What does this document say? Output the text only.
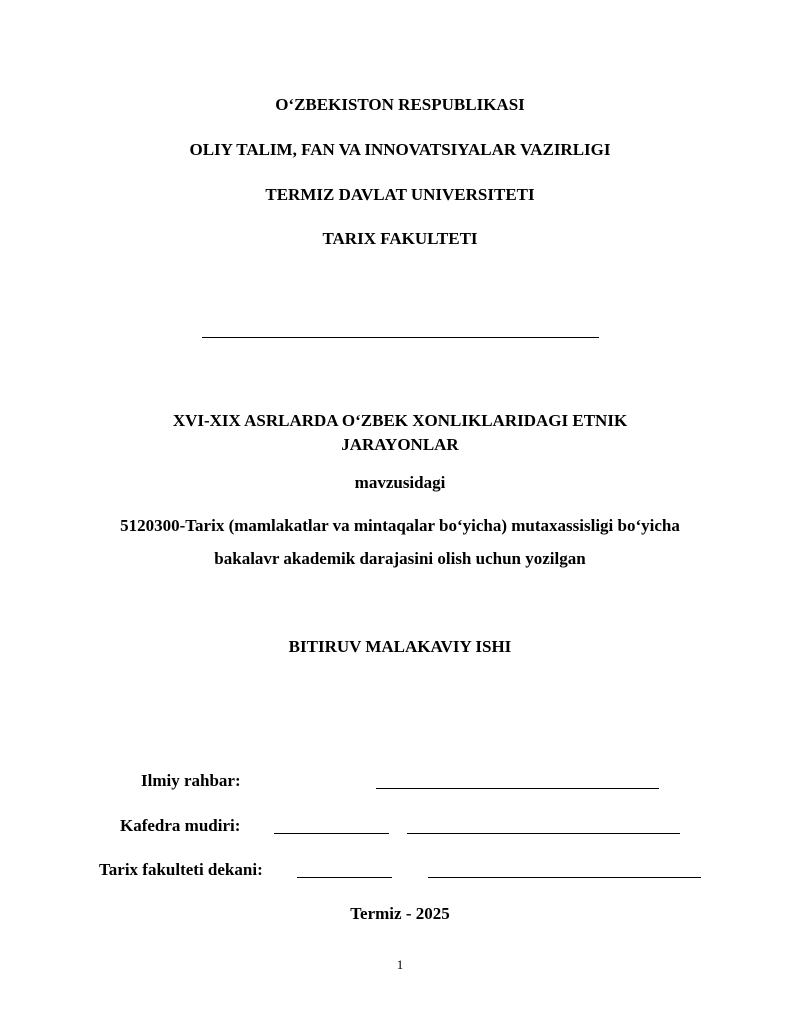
O‘ZBEKISTON RESPUBLIKASI
OLIY TALIM, FAN VA INNOVATSIYALAR VAZIRLIGI
TERMIZ DAVLAT UNIVERSITETI
TARIX FAKULTETI
XVI-XIX ASRLARDA O‘ZBEK XONLIKLARIDAGI ETNIK
JARAYONLAR
mavzusidagi
5120300-Tarix (mamlakatlar va mintaqalar bo‘yicha) mutaxassisligi bo‘yicha
bakalavr akademik darajasini olish uchun yozilgan
BITIRUV MALAKAVIY ISHI
Ilmiy rahbar:
Kafedra mudiri:
Tarix fakulteti dekani:
Termiz - 2025
1
